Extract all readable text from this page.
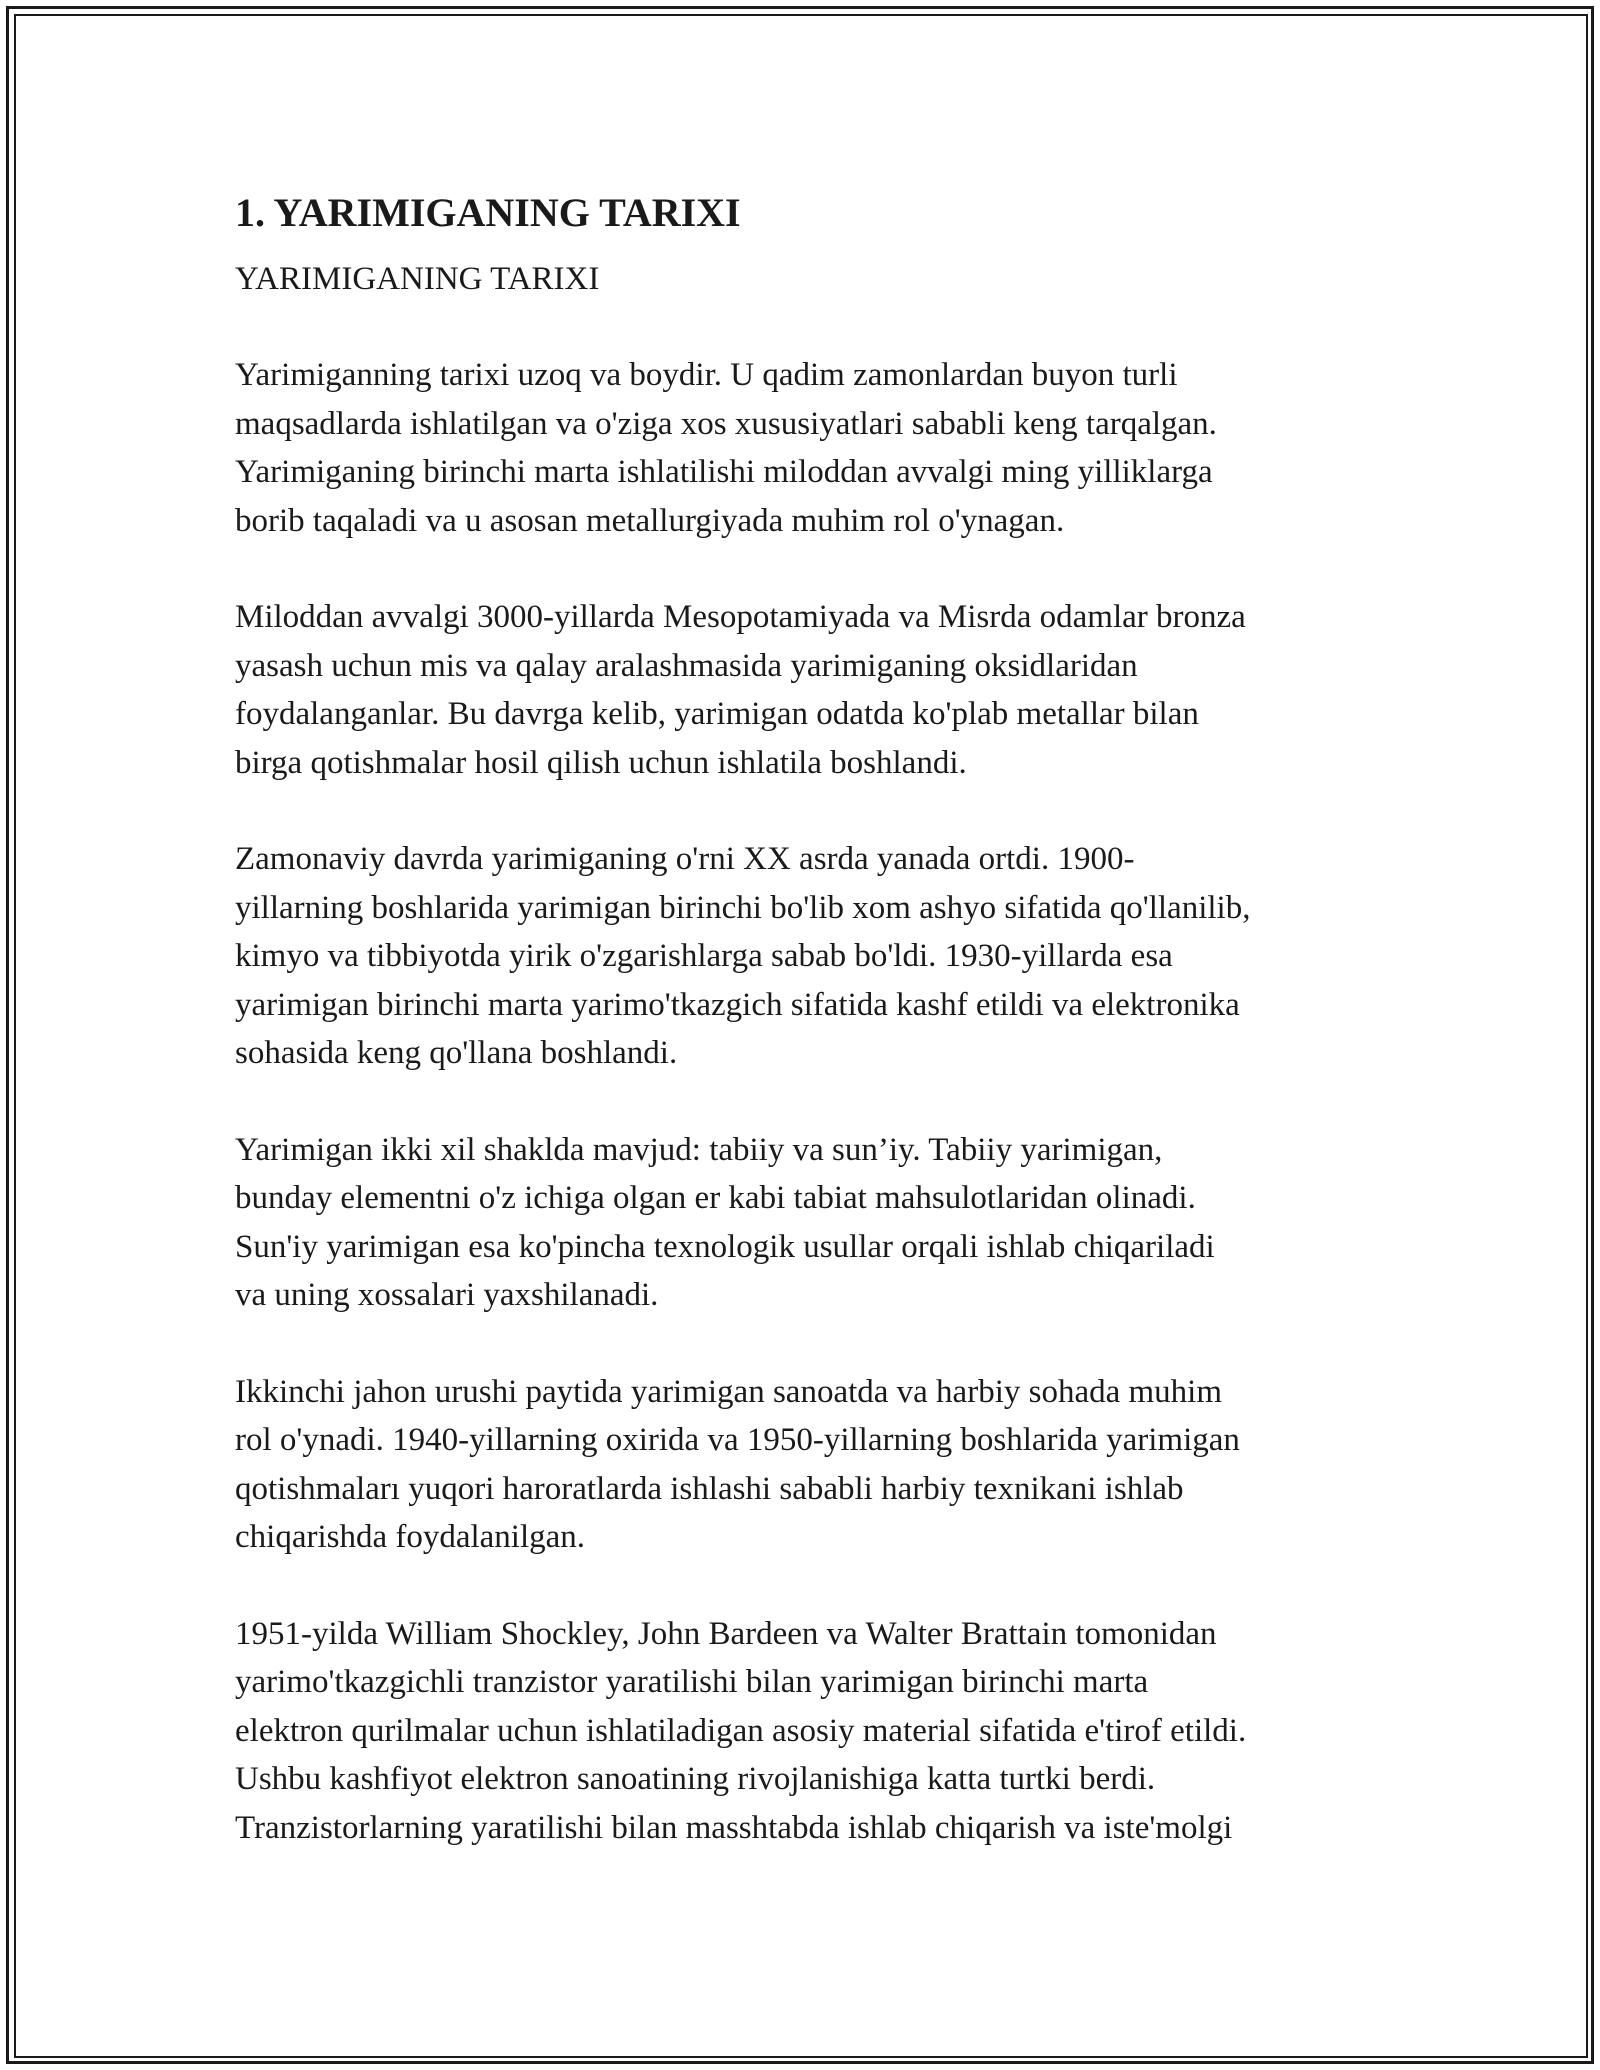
1. YARIMIGANING TARIXI
YARIMIGANING TARIXI

Yarimiganning tarixi uzoq va boydir. U qadim zamonlardan buyon turli
maqsadlarda ishlatilgan va o'ziga xos xususiyatlari sababli keng tarqalgan.
Yarimiganing birinchi marta ishlatilishi miloddan avvalgi ming yilliklarga
borib taqaladi va u asosan metallurgiyada muhim rol o'ynagan.

Miloddan avvalgi 3000-yillarda Mesopotamiyada va Misrda odamlar bronza
yasash uchun mis va qalay aralashmasida yarimiganing oksidlaridan
foydalanganlar. Bu davrga kelib, yarimigan odatda ko'plab metallar bilan
birga qotishmalar hosil qilish uchun ishlatila boshlandi.

Zamonaviy davrda yarimiganing o'rni XX asrda yanada ortdi. 1900-
yillarning boshlarida yarimigan birinchi bo'lib xom ashyo sifatida qo'llanilib,
kimyo va tibbiyotda yirik o'zgarishlarga sabab bo'ldi. 1930-yillarda esa
yarimigan birinchi marta yarimo'tkazgich sifatida kashf etildi va elektronika
sohasida keng qo'llana boshlandi.

Yarimigan ikki xil shaklda mavjud: tabiiy va sun’iy. Tabiiy yarimigan,
bunday elementni o'z ichiga olgan er kabi tabiat mahsulotlaridan olinadi.
Sun'iy yarimigan esa ko'pincha texnologik usullar orqali ishlab chiqariladi
va uning xossalari yaxshilanadi.

Ikkinchi jahon urushi paytida yarimigan sanoatda va harbiy sohada muhim
rol o'ynadi. 1940-yillarning oxirida va 1950-yillarning boshlarida yarimigan
qotishmaları yuqori haroratlarda ishlashi sababli harbiy texnikani ishlab
chiqarishda foydalanilgan.

1951-yilda William Shockley, John Bardeen va Walter Brattain tomonidan
yarimo'tkazgichli tranzistor yaratilishi bilan yarimigan birinchi marta
elektron qurilmalar uchun ishlatiladigan asosiy material sifatida e'tirof etildi.
Ushbu kashfiyot elektron sanoatining rivojlanishiga katta turtki berdi.
Tranzistorlarning yaratilishi bilan masshtabda ishlab chiqarish va iste'molgi
